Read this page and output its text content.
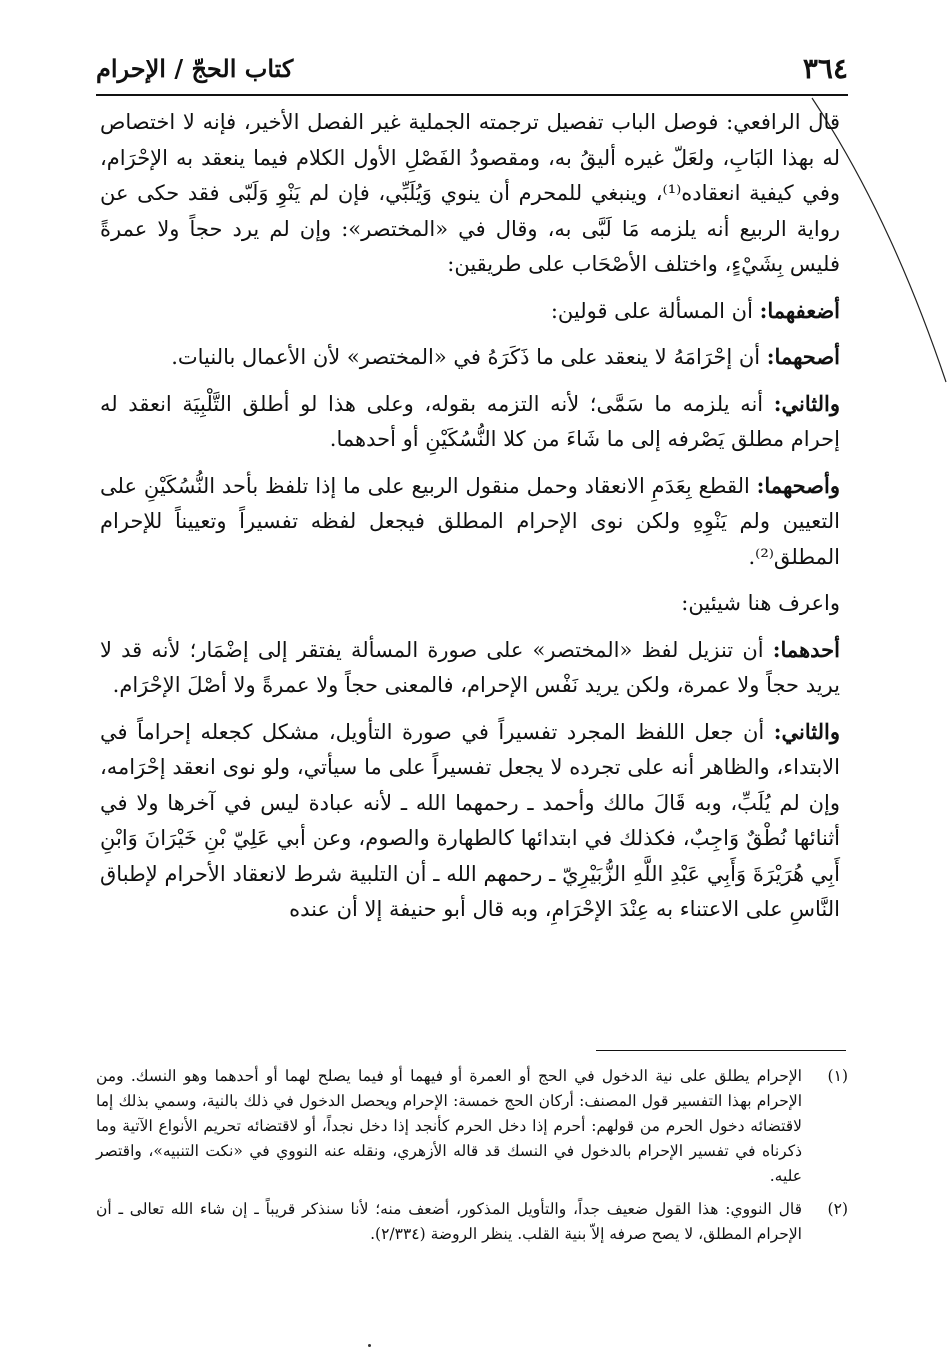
٣٦٤
كتاب الحجّ / الإحرام

قال الرافعي: فوصل الباب تفصيل ترجمته الجملية غير الفصل الأخير، فإنه لا اختصاص له بهذا البَابِ، ولعَلّ غيره أليقُ به، ومقصودُ الفَصْلِ الأول الكلام فيما ينعقد به الإحْرَام، وفي كيفية انعقاده⁽¹⁾، وينبغي للمحرم أن ينوي وَيُلَبِّي، فإن لم يَنْوِ وَلَبّى فقد حكى عن رواية الربيع أنه يلزمه مَا لَبَّى به، وقال في «المختصر»: وإن لم يرد حجاً ولا عمرةً فليس بِشَيْءٍ، واختلف الأصْحَاب على طريقين:

أضعفهما: أن المسألة على قولين:

أصحهما: أن إحْرَامَهُ لا ينعقد على ما ذَكَرَهُ في «المختصر» لأن الأعمال بالنيات.

والثاني: أنه يلزمه ما سَمَّى؛ لأنه التزمه بقوله، وعلى هذا لو أطلق التَّلْبِيَة انعقد له إحرام مطلق يَصْرفه إلى ما شَاءَ من كلا النُّسُكَيْنِ أو أحدهما.

وأصحهما: القطع بِعَدَمِ الانعقاد وحمل منقول الربيع على ما إذا تلفظ بأحد النُّسُكَيْنِ على التعيين ولم يَنْوِهِ ولكن نوى الإحرام المطلق فيجعل لفظه تفسيراً وتعييناً للإحرام المطلق⁽²⁾.

واعرف هنا شيئين:

أحدهما: أن تنزيل لفظ «المختصر» على صورة المسألة يفتقر إلى إضْمَار؛ لأنه قد لا يريد حجاً ولا عمرة، ولكن يريد نَفْس الإحرام، فالمعنى حجاً ولا عمرةً ولا أصْلَ الإحْرَام.

والثاني: أن جعل اللفظ المجرد تفسيراً في صورة التأويل، مشكل كجعله إحراماً في الابتداء، والظاهر أنه على تجرده لا يجعل تفسيراً على ما سيأتي، ولو نوى انعقد إحْرَامه، وإن لم يُلَبِّ، وبه قَالَ مالك وأحمد ـ رحمهما الله ـ لأنه عبادة ليس في آخرها ولا في أثنائها نُطْقٌ وَاجِبٌ، فكذلك في ابتدائها كالطهارة والصوم، وعن أبي عَلِيّ بْنِ خَيْرَانَ وَابْنِ أَبِي هُرَيْرَةَ وَأَبِي عَبْدِ اللَّهِ الزُّبَيْرِيّ ـ رحمهم الله ـ أن التلبية شرط لانعقاد الأحرام لإطباق النَّاسِ على الاعتناء به عِنْدَ الإحْرَامِ، وبه قال أبو حنيفة إلا أن عنده

(١)
الإحرام يطلق على نية الدخول في الحج أو العمرة أو فيهما أو فيما يصلح لهما أو أحدهما وهو النسك. ومن الإحرام بهذا التفسير قول المصنف: أركان الحج خمسة: الإحرام ويحصل الدخول في ذلك بالنية، وسمي بذلك إما لاقتضائه دخول الحرم من قولهم: أحرم إذا دخل الحرم كأنجد إذا دخل نجداً، أو لاقتضائه تحريم الأنواع الآتية وما ذكرناه في تفسير الإحرام بالدخول في النسك قد قاله الأزهري، ونقله عنه النووي في «نكت التنبيه»، واقتصر عليه.
(٢)
قال النووي: هذا القول ضعيف جداً، والتأويل المذكور، أضعف منه؛ لأنا سنذكر قريباً ـ إن شاء الله تعالى ـ أن الإحرام المطلق، لا يصح صرفه إلاّ بنية القلب. ينظر الروضة (٢/٣٣٤).
